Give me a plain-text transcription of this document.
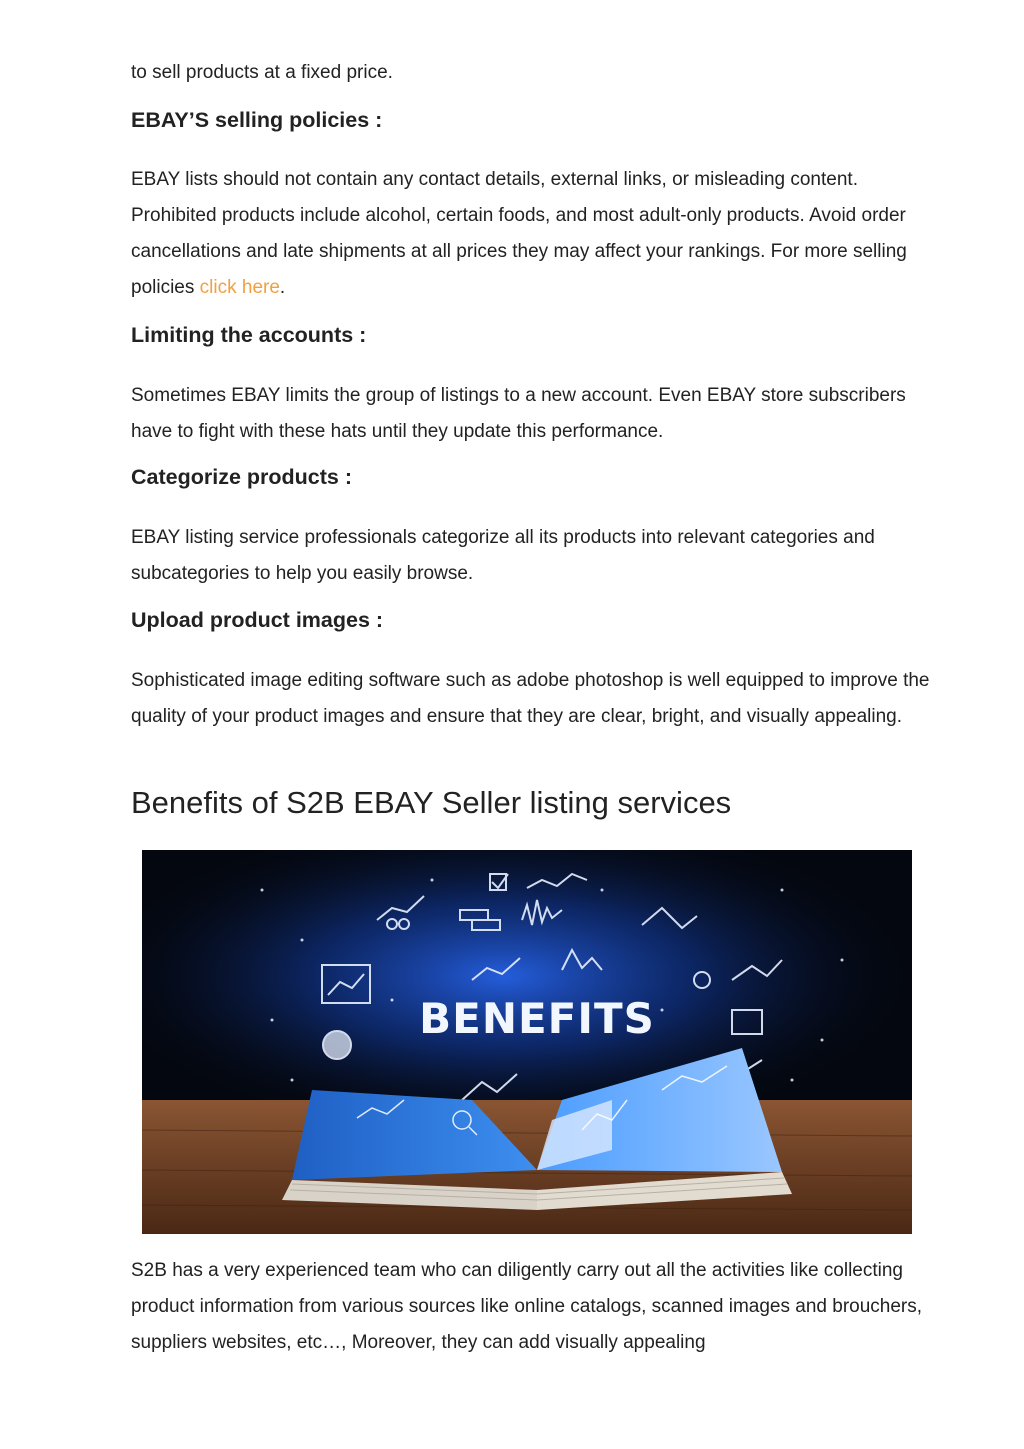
to sell products at a fixed price.

EBAY’S selling policies :

EBAY lists should not contain any contact details, external links, or misleading content. Prohibited products include alcohol, certain foods, and most adult-only products. Avoid order cancellations and late shipments at all prices they may affect your rankings. For more selling policies click here.

Limiting the accounts :

Sometimes EBAY limits the group of listings to a new account. Even EBAY store subscribers have to fight with these hats until they update this performance.

Categorize products :

EBAY listing service professionals categorize all its products into relevant categories and subcategories to help you easily browse.

Upload product images :

Sophisticated image editing software such as adobe photoshop is well equipped to improve the quality of your product images and ensure that they are clear, bright, and visually appealing.

Benefits of S2B EBAY Seller listing services
BENEFITS

S2B has a very experienced team who can diligently carry out all the activities like collecting product information from various sources like online catalogs, scanned images and brouchers, suppliers websites, etc…, Moreover, they can add visually appealing
